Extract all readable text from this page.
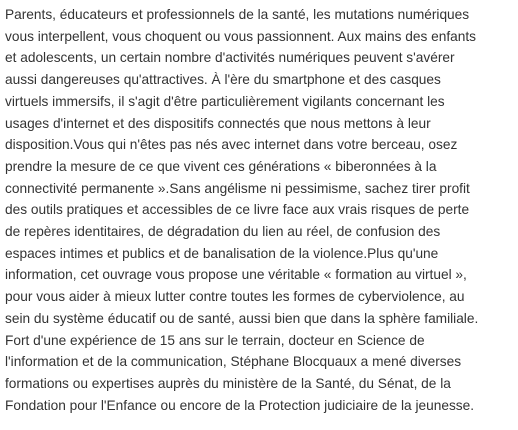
Parents, éducateurs et professionnels de la santé, les mutations numériques
vous interpellent, vous choquent ou vous passionnent. Aux mains des enfants
et adolescents, un certain nombre d'activités numériques peuvent s'avérer
aussi dangereuses qu'attractives. À l'ère du smartphone et des casques
virtuels immersifs, il s'agit d'être particulièrement vigilants concernant les
usages d'internet et des dispositifs connectés que nous mettons à leur
disposition.Vous qui n'êtes pas nés avec internet dans votre berceau, osez
prendre la mesure de ce que vivent ces générations « biberonnées à la
connectivité permanente ».Sans angélisme ni pessimisme, sachez tirer profit
des outils pratiques et accessibles de ce livre face aux vrais risques de perte
de repères identitaires, de dégradation du lien au réel, de confusion des
espaces intimes et publics et de banalisation de la violence.Plus qu'une
information, cet ouvrage vous propose une véritable « formation au virtuel »,
pour vous aider à mieux lutter contre toutes les formes de cyberviolence, au
sein du système éducatif ou de santé, aussi bien que dans la sphère familiale.
Fort d'une expérience de 15 ans sur le terrain, docteur en Science de
l'information et de la communication, Stéphane Blocquaux a mené diverses
formations ou expertises auprès du ministère de la Santé, du Sénat, de la
Fondation pour l'Enfance ou encore de la Protection judiciaire de la jeunesse.
